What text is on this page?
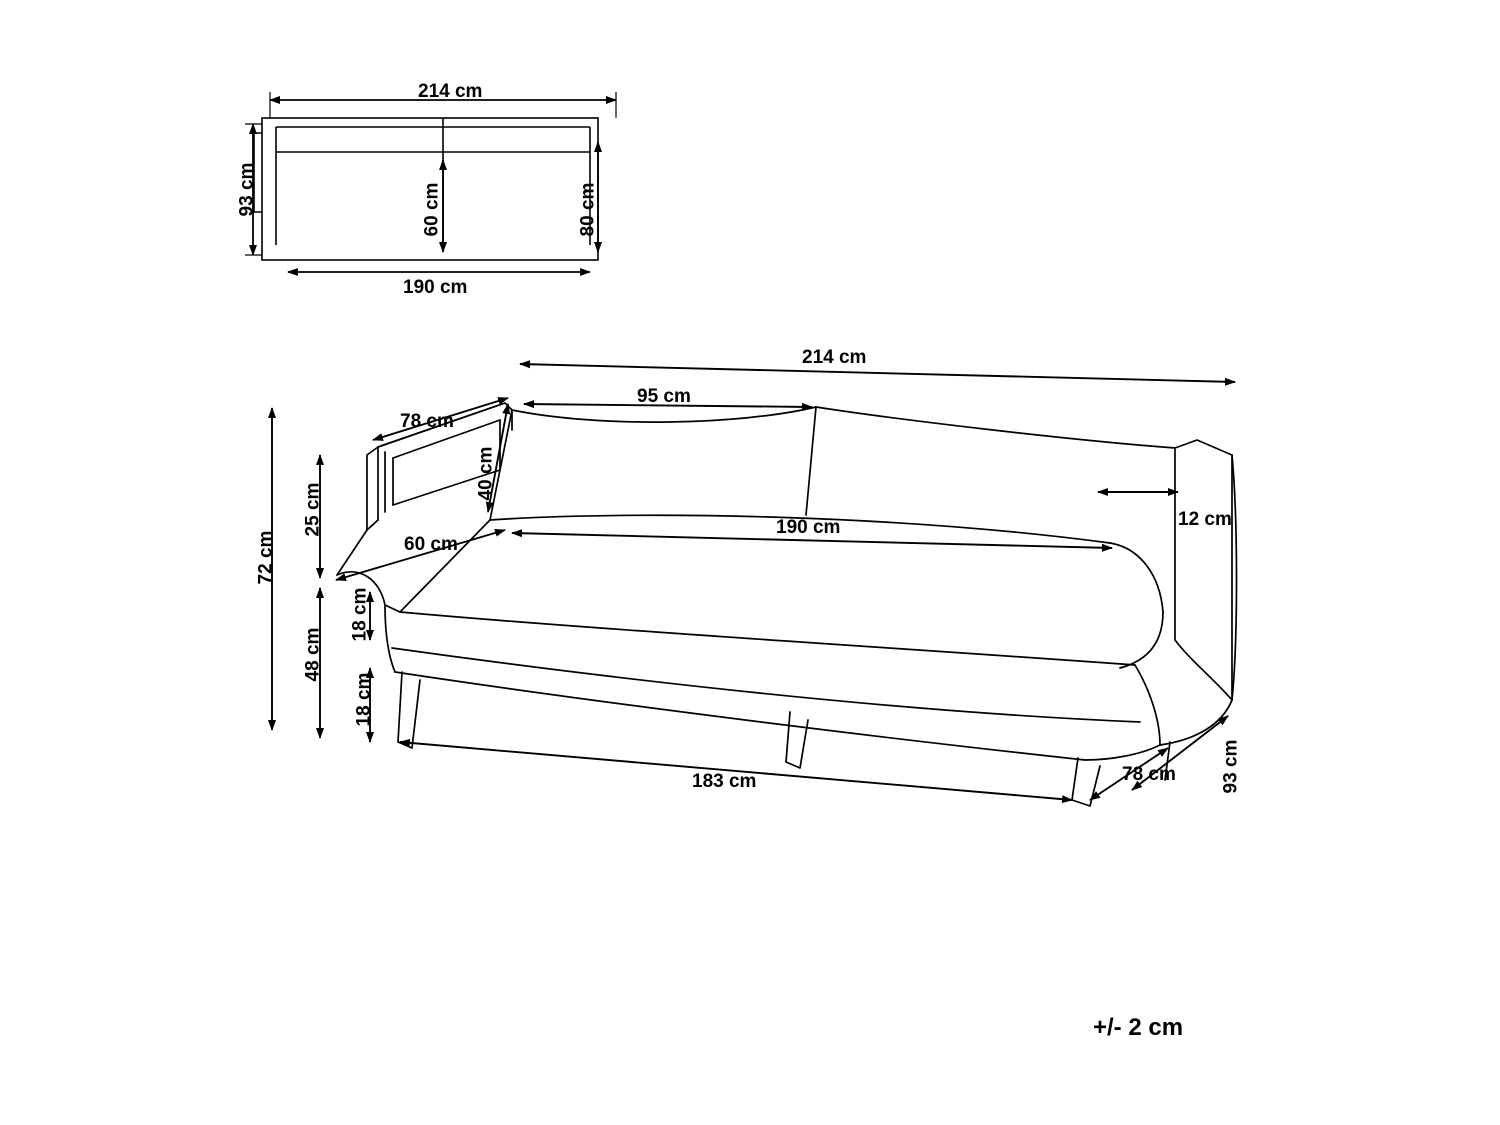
214 cm
93 cm	60 cm	80 cm
190 cm
214 cm
95 cm
78 cm
40 cm
60 cm
190 cm	12 cm
72 cm
25 cm
48 cm
18 cm
18 cm
183 cm	78 cm 93 cm
+/- 2 cm
